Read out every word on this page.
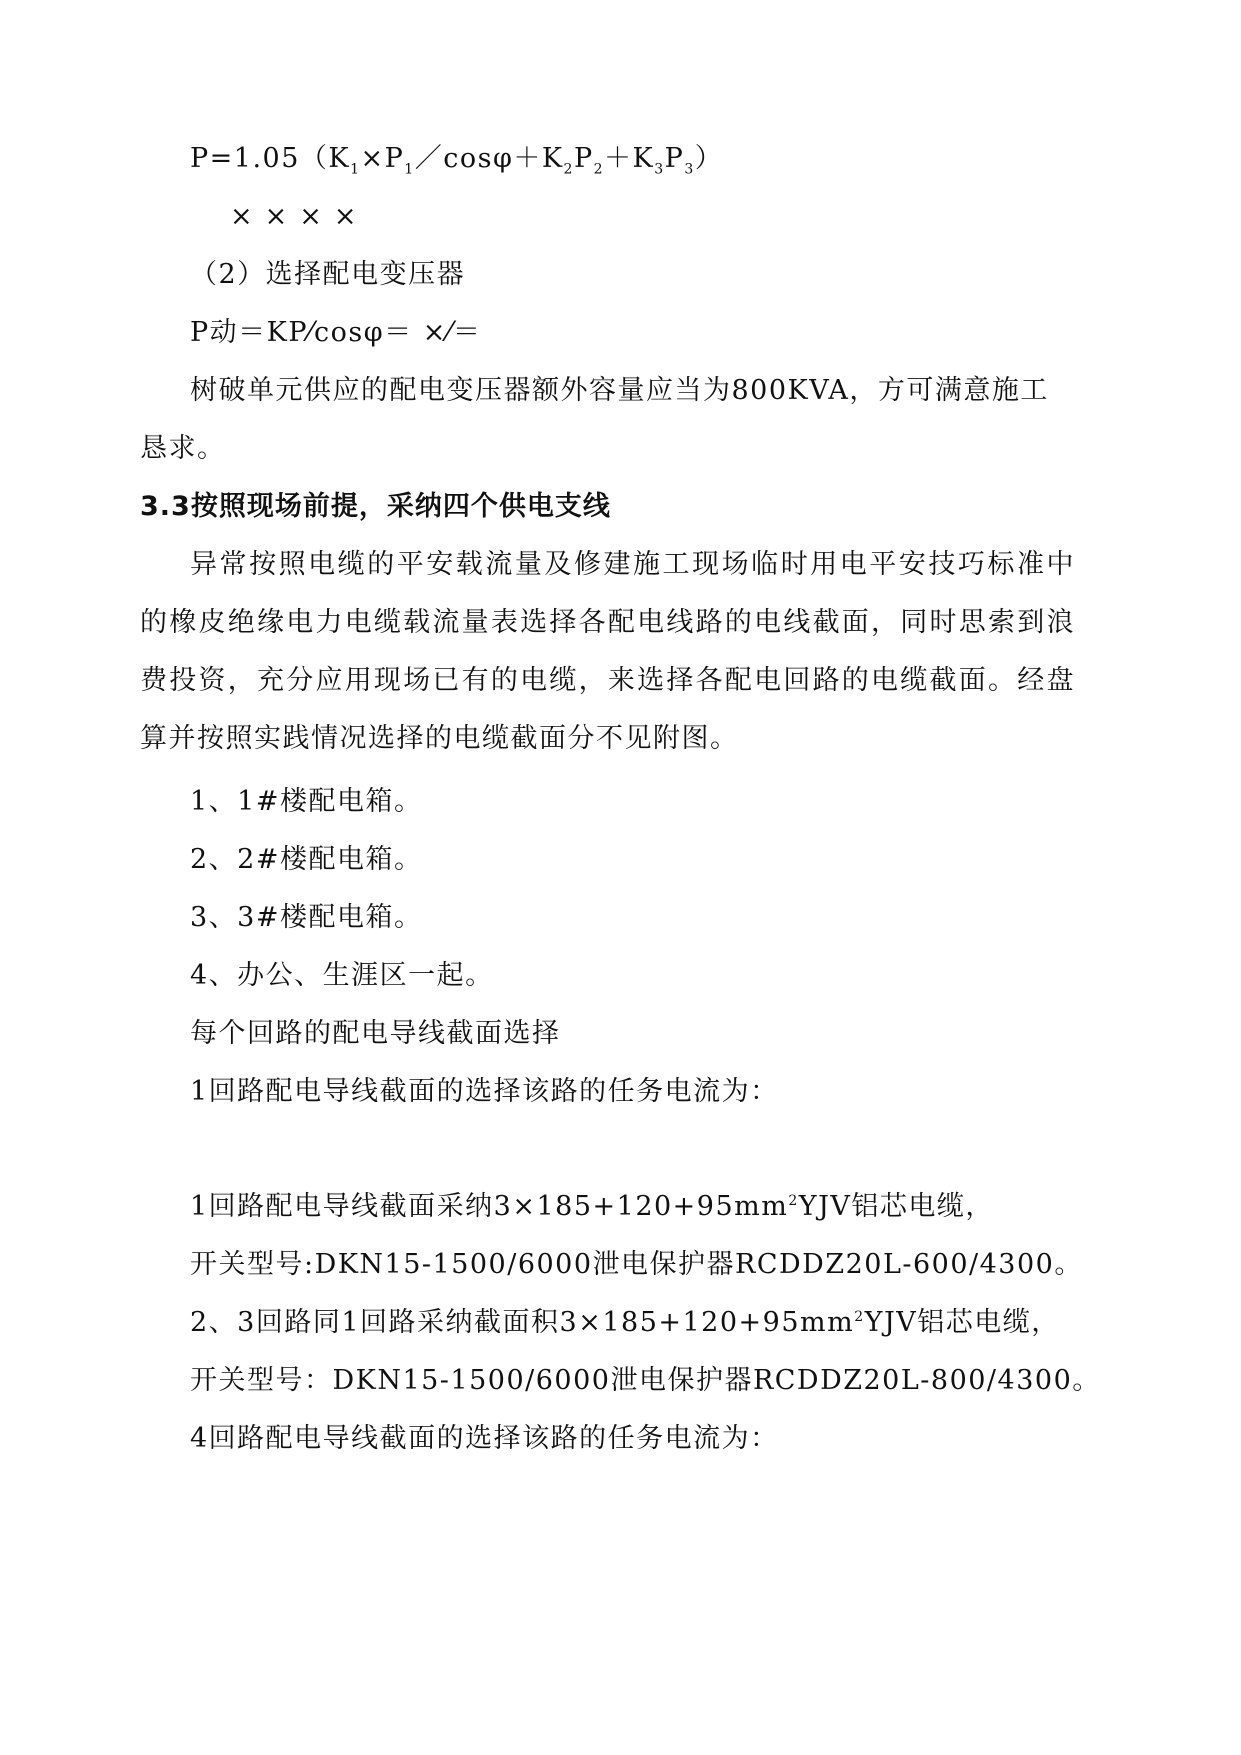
$P=1.05(K_1\times P_1/\cos\varphi+K_2P_2+K_3P_3)$
××××
（2）选择配电变压器
P动＝KP⁄cosφ＝ ×⁄＝
树破单元供应的配电变压器额外容量应当为800KVA，方可满意施工
恳求。
3.3按照现场前提，采纳四个供电支线
异常按照电缆的平安载流量及修建施工现场临时用电平安技巧标准中
的橡皮绝缘电力电缆载流量表选择各配电线路的电线截面，同时思索到浪
费投资，充分应用现场已有的电缆，来选择各配电回路的电缆截面。经盘
算并按照实践情况选择的电缆截面分不见附图。
1、1#楼配电箱。
2、2#楼配电箱。
3、3#楼配电箱。
4、办公、生涯区一起。
每个回路的配电导线截面选择
1回路配电导线截面的选择该路的任务电流为：
1回路配电导线截面采纳$3\times 185+120+95mm^2YJV$铝芯电缆，
开关型号:DKN15-1500/6000泄电保护器RCDDZ20L-600/4300。
2、3回路同1回路采纳截面积$3\times 185+120+95mm^2YJV$铝芯电缆，
开关型号：DKN15-1500/6000泄电保护器RCDDZ20L-800/4300。
4回路配电导线截面的选择该路的任务电流为：
